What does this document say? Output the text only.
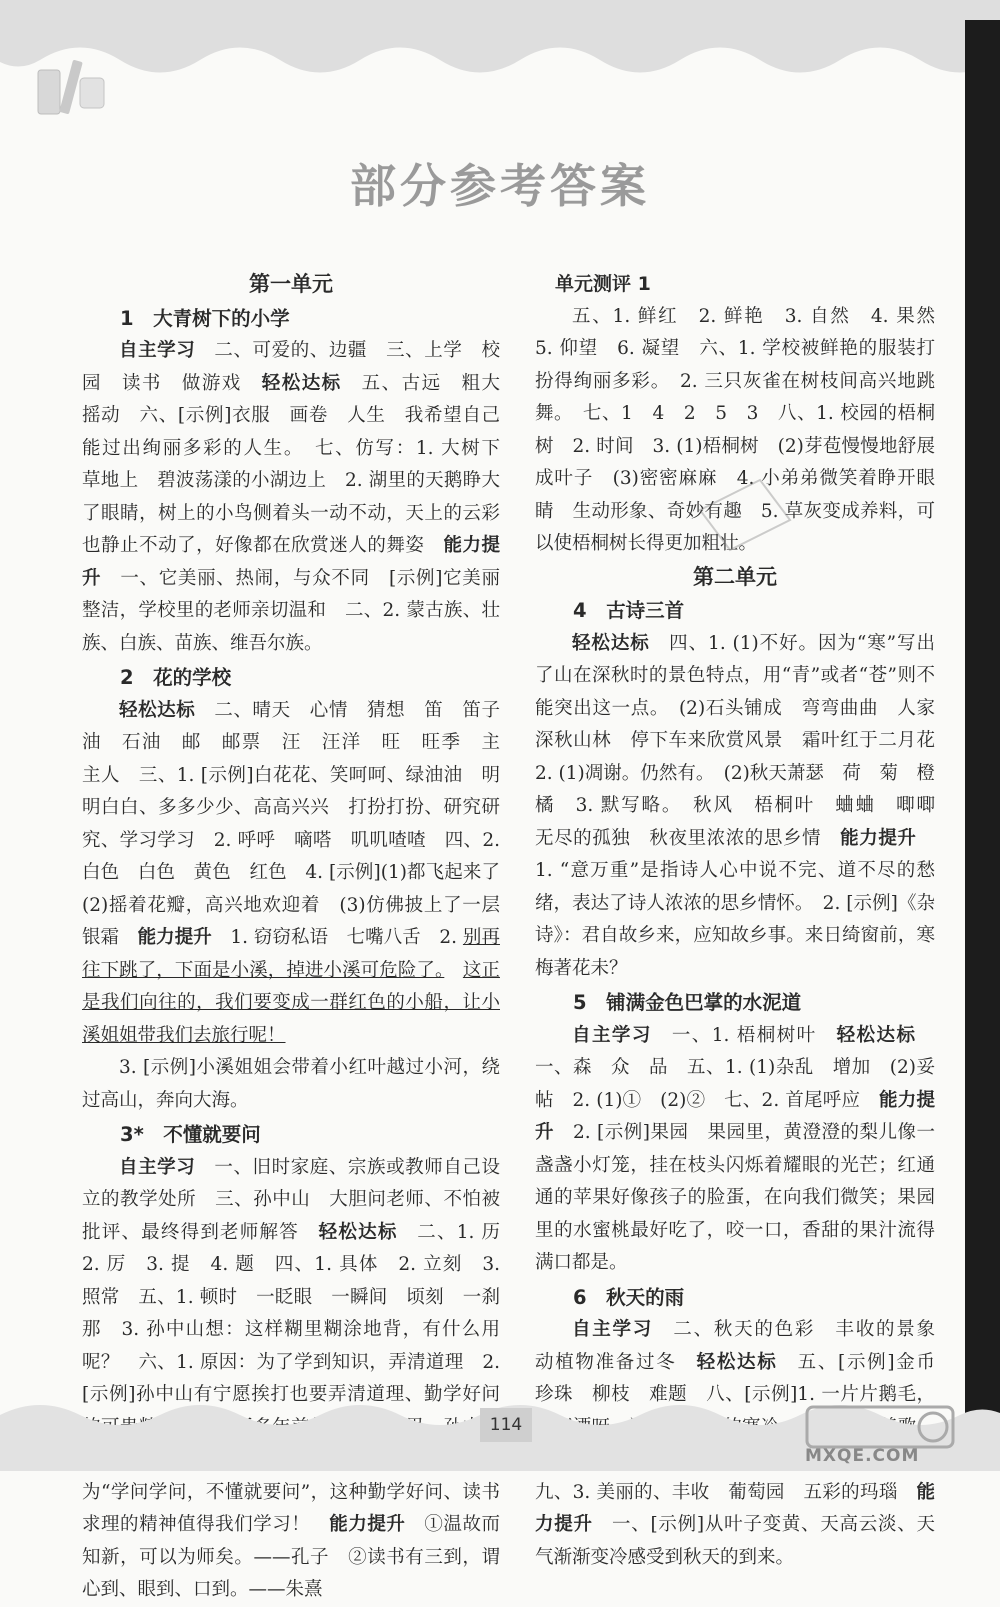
部分参考答案
第一单元
1　大青树下的小学

自主学习　二、可爱的、边疆　三、上学　校园　读书　做游戏　轻松达标　五、古远　粗大　摇动　六、[示例]衣服　画卷　人生　我希望自己能过出绚丽多彩的人生。　七、仿写：1. 大树下　草地上　碧波荡漾的小湖边上　2. 湖里的天鹅睁大了眼睛，树上的小鸟侧着头一动不动，天上的云彩也静止不动了，好像都在欣赏迷人的舞姿　能力提升　一、它美丽、热闹，与众不同　[示例]它美丽整洁，学校里的老师亲切温和　二、2. 蒙古族、壮族、白族、苗族、维吾尔族。

2　花的学校

轻松达标　二、晴天　心情　猜想　笛　笛子　油　石油　邮　邮票　汪　汪洋　旺　旺季　主　主人　三、1. [示例]白花花、笑呵呵、绿油油　明明白白、多多少少、高高兴兴　打扮打扮、研究研究、学习学习　2. 呼呼　嘀嗒　叽叽喳喳　四、2. 白色　白色　黄色　红色　4. [示例](1)都飞起来了　(2)摇着花瓣，高兴地欢迎着　(3)仿佛披上了一层银霜　能力提升　1. 窃窃私语　七嘴八舌　2. 别再往下跳了，下面是小溪，掉进小溪可危险了。　 这正是我们向往的，我们要变成一群红色的小船，让小溪姐姐带我们去旅行呢！

3. [示例]小溪姐姐会带着小红叶越过小河，绕过高山，奔向大海。

3*　不懂就要问

自主学习　一、旧时家庭、宗族或教师自己设立的教学处所　三、孙中山　大胆问老师、不怕被批评、最终得到老师解答　轻松达标　二、1. 历　2. 厉　3. 提　4. 题　四、1. 具体　2. 立刻　3. 照常　五、1. 顿时　一眨眼　一瞬间　顷刻　一刹那　3. 孙中山想：这样糊里糊涂地背，有什么用呢？　六、1. 原因：为了学到知识，弄清道理　2. [示例]孙中山有宁愿挨打也要弄清道理、勤学好问 为“学问学问，不懂就要问”，这种勤学好问、读书求理的精神值得我们学习！　能力提升　①温故而知新，可以为师矣。——孔子　②读书有三到，谓心到、眼到、口到。——朱熹

单元测评 1

五、1. 鲜红　2. 鲜艳　3. 自然　4. 果然　5. 仰望　6. 凝望　六、1. 学校被鲜艳的服装打扮得绚丽多彩。　2. 三只灰雀在树枝间高兴地跳舞。　七、1　4　2　5　3　八、1. 校园的梧桐树　2. 时间　3. (1)梧桐树　(2)芽苞慢慢地舒展成叶子　(3)密密麻麻　4. 小弟弟微笑着睁开眼睛　生动形象、奇妙有趣　5. 草灰变成养料，可以使梧桐树长得更加粗壮。

第二单元
4　古诗三首

轻松达标　四、1. (1)不好。因为“寒”写出了山在深秋时的景色特点，用“青”或者“苍”则不能突出这一点。　(2)石头铺成　弯弯曲曲　人家　深秋山林　停下车来欣赏风景　霜叶红于二月花　2. (1)凋谢。仍然有。　(2)秋天萧瑟　荷　菊　橙　橘　3. 默写略。　秋风　梧桐叶　蛐蛐　唧唧　无尽的孤独　秋夜里浓浓的思乡情　能力提升　1. “意万重”是指诗人心中说不完、道不尽的愁绪，表达了诗人浓浓的思乡情怀。　2. [示例]《杂诗》：君自故乡来，应知故乡事。来日绮窗前，寒梅著花未？

5　铺满金色巴掌的水泥道

自主学习　一、1. 梧桐树叶　轻松达标　一、森　众　品　五、1. (1)杂乱　增加　(2)妥帖　2. (1)①　(2)②　七、2. 首尾呼应　能力提升　2. [示例]果园　果园里，黄澄澄的梨儿像一盏盏小灯笼，挂在枝头闪烁着耀眼的光芒；红通通的苹果好像孩子的脸蛋，在向我们微笑；果园里的水蜜桃最好吃了，咬一口，香甜的果汁流得满口都是。

6　秋天的雨

自主学习　二、秋天的色彩　丰收的景象　动植物准备过冬　轻松达标　五、[示例]金币　珍珠　柳枝　难题　八、[示例]1. 一片片鹅毛，　

九、3. 美丽的、丰收　葡萄园　五彩的玛瑙　能力提升　一、[示例]从叶子变黄、天高云淡、天气渐渐变冷感受到秋天的到来。

114
MXQE.COM
